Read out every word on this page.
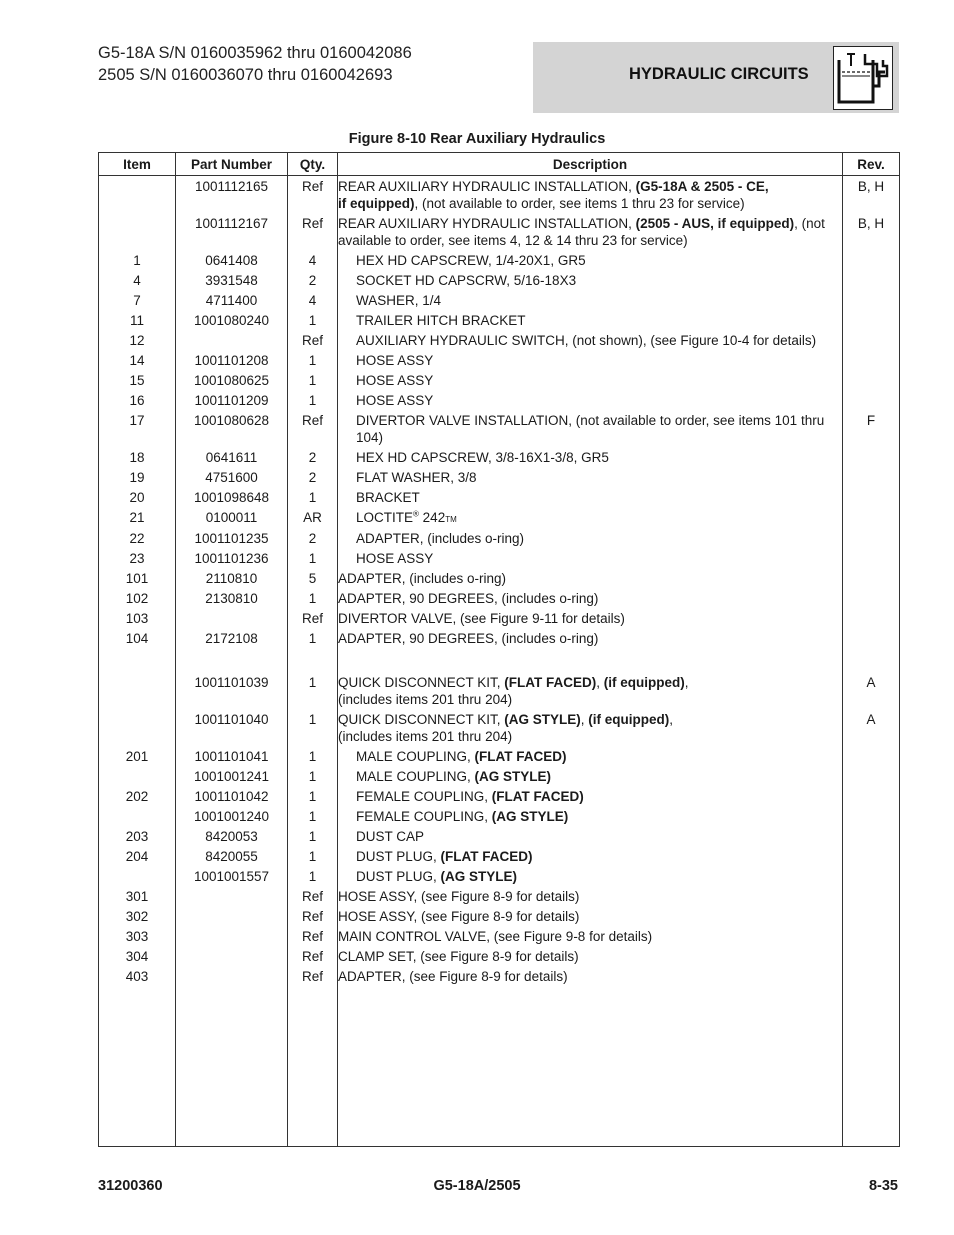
G5-18A S/N 0160035962 thru 0160042086
2505 S/N 0160036070 thru 0160042693	HYDRAULIC CIRCUITS
Figure 8-10 Rear Auxiliary Hydraulics
Item	Part Number	Qty.	Description	Rev.
	1001112165	Ref	REAR AUXILIARY HYDRAULIC INSTALLATION, (G5-18A & 2505 - CE,
if equipped), (not available to order, see items 1 thru 23 for service)	B, H
	1001112167	Ref	REAR AUXILIARY HYDRAULIC INSTALLATION, (2505 - AUS, if equipped), (not available to order, see items 4, 12 & 14 thru 23 for service)	B, H
1	0641408	4	HEX HD CAPSCREW, 1/4-20X1, GR5	
4	3931548	2	SOCKET HD CAPSCRW, 5/16-18X3	
7	4711400	4	WASHER, 1/4	
11	1001080240	1	TRAILER HITCH BRACKET	
12		Ref	AUXILIARY HYDRAULIC SWITCH, (not shown), (see Figure 10-4 for details)	
14	1001101208	1	HOSE ASSY	
15	1001080625	1	HOSE ASSY	
16	1001101209	1	HOSE ASSY	
17	1001080628	Ref	DIVERTOR VALVE INSTALLATION, (not available to order, see items 101 thru 104)	F
18	0641611	2	HEX HD CAPSCREW, 3/8-16X1-3/8, GR5	
19	4751600	2	FLAT WASHER, 3/8	
20	1001098648	1	BRACKET	
21	0100011	AR	LOCTITE® 242TM	
22	1001101235	2	ADAPTER, (includes o-ring)	
23	1001101236	1	HOSE ASSY	
101	2110810	5	ADAPTER, (includes o-ring)	
102	2130810	1	ADAPTER, 90 DEGREES, (includes o-ring)	
103		Ref	DIVERTOR VALVE, (see Figure 9-11 for details)	
104	2172108	1	ADAPTER, 90 DEGREES, (includes o-ring)	

	1001101039	1	QUICK DISCONNECT KIT, (FLAT FACED), (if equipped),
(includes items 201 thru 204)	A
	1001101040	1	QUICK DISCONNECT KIT, (AG STYLE), (if equipped),
(includes items 201 thru 204)	A
201	1001101041	1	MALE COUPLING, (FLAT FACED)	
	1001001241	1	MALE COUPLING, (AG STYLE)	
202	1001101042	1	FEMALE COUPLING, (FLAT FACED)	
	1001001240	1	FEMALE COUPLING, (AG STYLE)	
203	8420053	1	DUST CAP	
204	8420055	1	DUST PLUG, (FLAT FACED)	
	1001001557	1	DUST PLUG, (AG STYLE)	
301		Ref	HOSE ASSY, (see Figure 8-9 for details)	
302		Ref	HOSE ASSY, (see Figure 8-9 for details)	
303		Ref	MAIN CONTROL VALVE, (see Figure 9-8 for details)	
304		Ref	CLAMP SET, (see Figure 8-9 for details)	
403		Ref	ADAPTER, (see Figure 8-9 for details)	

31200360	G5-18A/2505	8-35
